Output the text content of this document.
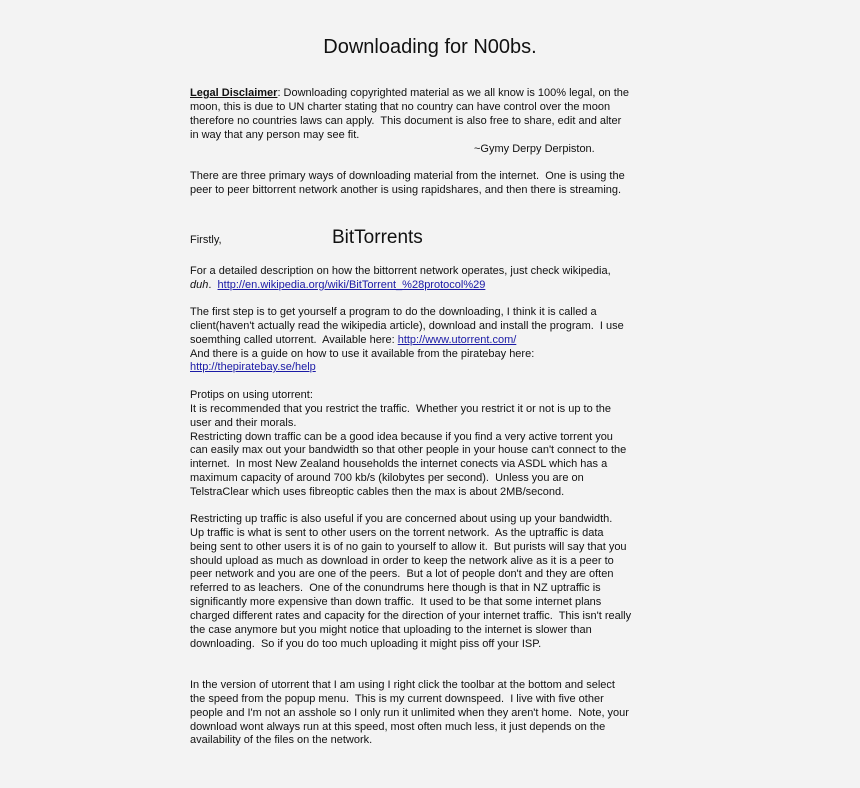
Downloading for N00bs.
Legal Disclaimer: Downloading copyrighted material as we all know is 100% legal, on the
moon, this is due to UN charter stating that no country can have control over the moon
therefore no countries laws can apply.  This document is also free to share, edit and alter
in way that any person may see fit.
~Gymy Derpy Derpiston.
There are three primary ways of downloading material from the internet.  One is using the
peer to peer bittorrent network another is using rapidshares, and then there is streaming.
Firstly,	BitTorrents
For a detailed description on how the bittorrent network operates, just check wikipedia,
duh.  http://en.wikipedia.org/wiki/BitTorrent_%28protocol%29
The first step is to get yourself a program to do the downloading, I think it is called a
client(haven't actually read the wikipedia article), download and install the program.  I use
soemthing called utorrent.  Available here: http://www.utorrent.com/
And there is a guide on how to use it available from the piratebay here:
http://thepiratebay.se/help
Protips on using utorrent:
It is recommended that you restrict the traffic.  Whether you restrict it or not is up to the
user and their morals.
Restricting down traffic can be a good idea because if you find a very active torrent you
can easily max out your bandwidth so that other people in your house can't connect to the
internet.  In most New Zealand households the internet conects via ASDL which has a
maximum capacity of around 700 kb/s (kilobytes per second).  Unless you are on
TelstraClear which uses fibreoptic cables then the max is about 2MB/second.
Restricting up traffic is also useful if you are concerned about using up your bandwidth.
Up traffic is what is sent to other users on the torrent network.  As the uptraffic is data
being sent to other users it is of no gain to yourself to allow it.  But purists will say that you
should upload as much as download in order to keep the network alive as it is a peer to
peer network and you are one of the peers.  But a lot of people don't and they are often
referred to as leachers.  One of the conundrums here though is that in NZ uptraffic is
significantly more expensive than down traffic.  It used to be that some internet plans
charged different rates and capacity for the direction of your internet traffic.  This isn't really
the case anymore but you might notice that uploading to the internet is slower than
downloading.  So if you do too much uploading it might piss off your ISP.
In the version of utorrent that I am using I right click the toolbar at the bottom and select
the speed from the popup menu.  This is my current downspeed.  I live with five other
people and I'm not an asshole so I only run it unlimited when they aren't home.  Note, your
download wont always run at this speed, most often much less, it just depends on the
availability of the files on the network.
